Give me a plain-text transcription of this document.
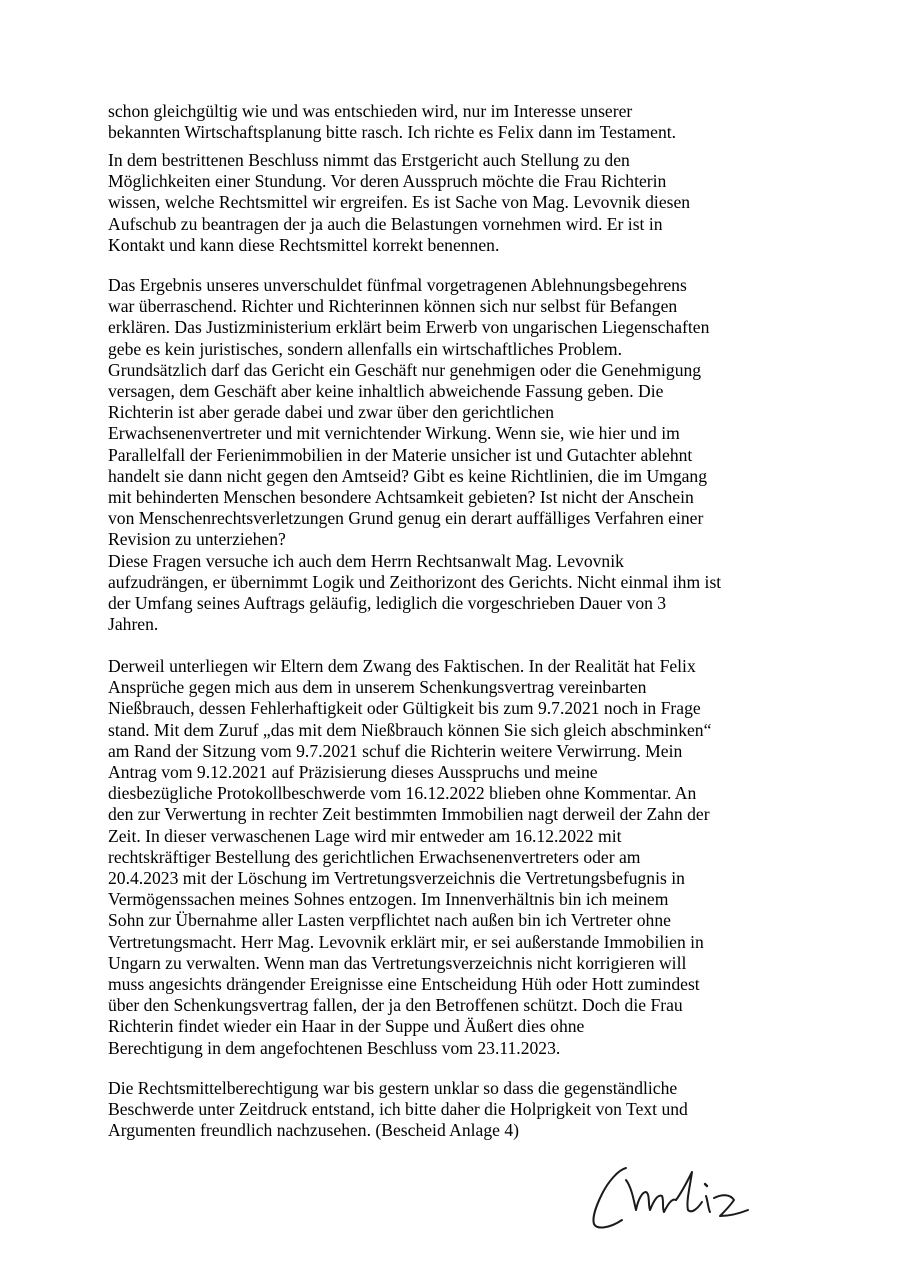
schon gleichgültig wie und was entschieden wird, nur im Interesse unserer
bekannten Wirtschaftsplanung bitte rasch. Ich richte es Felix dann im Testament.
In dem bestrittenen Beschluss nimmt das Erstgericht auch Stellung zu den
Möglichkeiten einer Stundung. Vor deren Ausspruch möchte die Frau Richterin
wissen, welche Rechtsmittel wir ergreifen. Es ist Sache von Mag. Levovnik diesen
Aufschub zu beantragen der ja auch die Belastungen vornehmen wird. Er ist in
Kontakt und kann diese Rechtsmittel korrekt benennen.
Das Ergebnis unseres unverschuldet fünfmal vorgetragenen Ablehnungsbegehrens
war überraschend. Richter und Richterinnen können sich nur selbst für Befangen
erklären. Das Justizministerium erklärt beim Erwerb von ungarischen Liegenschaften
gebe es kein juristisches, sondern allenfalls ein wirtschaftliches Problem.
Grundsätzlich darf das Gericht ein Geschäft nur genehmigen oder die Genehmigung
versagen, dem Geschäft aber keine inhaltlich abweichende Fassung geben. Die
Richterin ist aber gerade dabei und zwar über den gerichtlichen
Erwachsenenvertreter und mit vernichtender Wirkung. Wenn sie, wie hier und im
Parallelfall der Ferienimmobilien in der Materie unsicher ist und Gutachter ablehnt
handelt sie dann nicht gegen den Amtseid? Gibt es keine Richtlinien, die im Umgang
mit behinderten Menschen besondere Achtsamkeit gebieten? Ist nicht der Anschein
von Menschenrechtsverletzungen Grund genug ein derart auffälliges Verfahren einer
Revision zu unterziehen?
Diese Fragen versuche ich auch dem Herrn Rechtsanwalt Mag. Levovnik
aufzudrängen, er übernimmt Logik und Zeithorizont des Gerichts. Nicht einmal ihm ist
der Umfang seines Auftrags geläufig, lediglich die vorgeschrieben Dauer von 3
Jahren.
Derweil unterliegen wir Eltern dem Zwang des Faktischen. In der Realität hat Felix
Ansprüche gegen mich aus dem in unserem Schenkungsvertrag vereinbarten
Nießbrauch, dessen Fehlerhaftigkeit oder Gültigkeit bis zum 9.7.2021 noch in Frage
stand. Mit dem Zuruf „das mit dem Nießbrauch können Sie sich gleich abschminken“
am Rand der Sitzung vom 9.7.2021 schuf die Richterin weitere Verwirrung. Mein
Antrag vom 9.12.2021 auf Präzisierung dieses Ausspruchs und meine
diesbezügliche Protokollbeschwerde vom 16.12.2022 blieben ohne Kommentar. An
den zur Verwertung in rechter Zeit bestimmten Immobilien nagt derweil der Zahn der
Zeit. In dieser verwaschenen Lage wird mir entweder am 16.12.2022 mit
rechtskräftiger Bestellung des gerichtlichen Erwachsenenvertreters oder am
20.4.2023 mit der Löschung im Vertretungsverzeichnis die Vertretungsbefugnis in
Vermögenssachen meines Sohnes entzogen. Im Innenverhältnis bin ich meinem
Sohn zur Übernahme aller Lasten verpflichtet nach außen bin ich Vertreter ohne
Vertretungsmacht. Herr Mag. Levovnik erklärt mir, er sei außerstande Immobilien in
Ungarn zu verwalten. Wenn man das Vertretungsverzeichnis nicht korrigieren will
muss angesichts drängender Ereignisse eine Entscheidung Hüh oder Hott zumindest
über den Schenkungsvertrag fallen, der ja den Betroffenen schützt. Doch die Frau
Richterin findet wieder ein Haar in der Suppe und Äußert dies ohne
Berechtigung in dem angefochtenen Beschluss vom 23.11.2023.
Die Rechtsmittelberechtigung war bis gestern unklar so dass die gegenständliche
Beschwerde unter Zeitdruck entstand, ich bitte daher die Holprigkeit von Text und
Argumenten freundlich nachzusehen. (Bescheid Anlage 4)
